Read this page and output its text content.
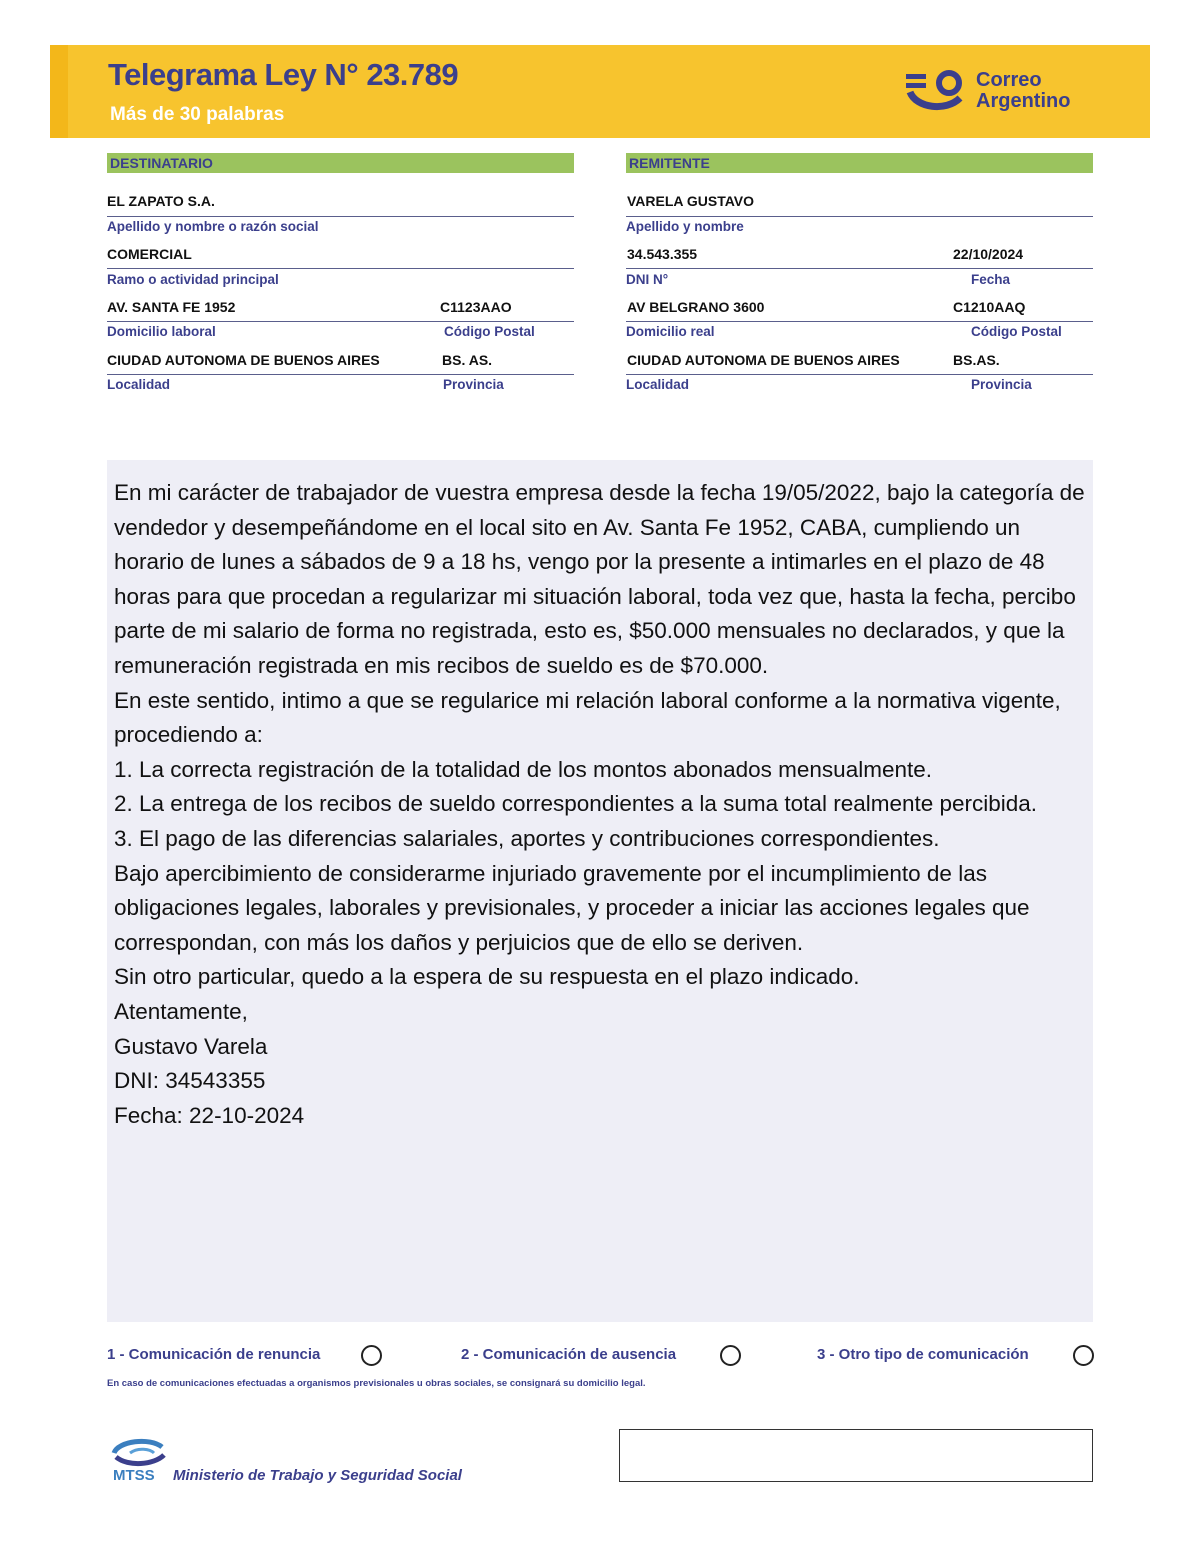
Telegrama Ley N° 23.789
Más de 30 palabras
Correo
Argentino
DESTINATARIO
EL ZAPATO S.A.
Apellido y nombre o razón social
COMERCIAL
Ramo o actividad principal
AV. SANTA FE 1952	C1123AAO
Domicilio laboral	Código Postal
CIUDAD AUTONOMA DE BUENOS AIRES	BS. AS.
Localidad	Provincia
REMITENTE
VARELA GUSTAVO
Apellido y nombre
34.543.355	22/10/2024
DNI N°	Fecha
AV BELGRANO 3600	C1210AAQ
Domicilio real	Código Postal
CIUDAD AUTONOMA DE BUENOS AIRES	BS.AS.
Localidad	Provincia

En mi carácter de trabajador de vuestra empresa desde la fecha 19/05/2022, bajo la categoría de vendedor y desempeñándome en el local sito en Av. Santa Fe 1952, CABA, cumpliendo un horario de lunes a sábados de 9 a 18 hs, vengo por la presente a intimarles en el plazo de 48 horas para que procedan a regularizar mi situación laboral, toda vez que, hasta la fecha, percibo parte de mi salario de forma no registrada, esto es, $50.000 mensuales no declarados, y que la remuneración registrada en mis recibos de sueldo es de $70.000.

En este sentido, intimo a que se regularice mi relación laboral conforme a la normativa vigente, procediendo a:

1. La correcta registración de la totalidad de los montos abonados mensualmente.

2. La entrega de los recibos de sueldo correspondientes a la suma total realmente percibida.

3. El pago de las diferencias salariales, aportes y contribuciones correspondientes.

Bajo apercibimiento de considerarme injuriado gravemente por el incumplimiento de las obligaciones legales, laborales y previsionales, y proceder a iniciar las acciones legales que correspondan, con más los daños y perjuicios que de ello se deriven.

Sin otro particular, quedo a la espera de su respuesta en el plazo indicado.

Atentamente,

Gustavo Varela

DNI: 34543355

Fecha: 22-10-2024

1 - Comunicación de renuncia	2 - Comunicación de ausencia	3 - Otro tipo de comunicación
En caso de comunicaciones efectuadas a organismos previsionales u obras sociales, se consignará su domicilio legal.
MTSS Ministerio de Trabajo y Seguridad Social
